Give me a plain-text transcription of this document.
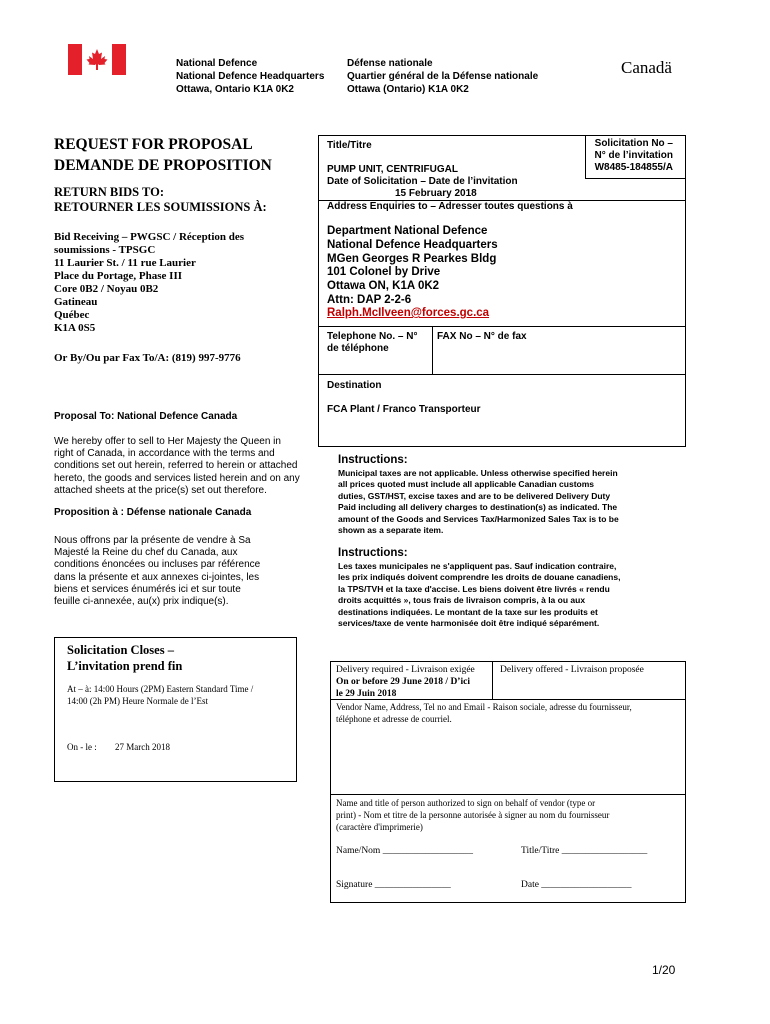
National Defence
National Defence Headquarters
Ottawa, Ontario K1A 0K2
Défense nationale
Quartier général de la Défense nationale
Ottawa (Ontario) K1A 0K2
Canadä
REQUEST FOR PROPOSAL
DEMANDE DE PROPOSITION
RETURN BIDS TO:
RETOURNER LES SOUMISSIONS À:
Bid Receiving – PWGSC / Réception des
soumissions - TPSGC
11 Laurier St. / 11 rue Laurier
Place du Portage, Phase III
Core 0B2 / Noyau 0B2
Gatineau
Québec
K1A 0S5
Or By/Ou par Fax To/A: (819) 997-9776
Proposal To: National Defence Canada
We hereby offer to sell to Her Majesty the Queen in
right of Canada, in accordance with the terms and
conditions set out herein, referred to herein or attached
hereto, the goods and services listed herein and on any
attached sheets at the price(s) set out therefore.
Proposition à : Défense nationale Canada
Nous offrons par la présente de vendre à Sa
Majesté la Reine du chef du Canada, aux
conditions énoncées ou incluses par référence
dans la présente et aux annexes ci-jointes, les
biens et services énumérés ici et sur toute
feuille ci-annexée, au(x) prix indique(s).
Solicitation Closes –
L’invitation prend fin
At – à: 14:00 Hours (2PM) Eastern Standard Time /
14:00 (2h PM) Heure Normale de l’Est
On - le : 27 March 2018
Title/Titre	Solicitation No –
N° de l’invitation
W8485-184855/A
PUMP UNIT, CENTRIFUGAL
Date of Solicitation – Date de l’invitation
15 February 2018
Address Enquiries to – Adresser toutes questions à
Department National Defence
National Defence Headquarters
MGen Georges R Pearkes Bldg
101 Colonel by Drive
Ottawa ON, K1A 0K2
Attn: DAP 2-2-6
Ralph.McIlveen@forces.gc.ca
Telephone No. – N°
de téléphone
FAX No – N° de fax
Destination
FCA Plant / Franco Transporteur
Instructions:
Municipal taxes are not applicable. Unless otherwise specified herein
all prices quoted must include all applicable Canadian customs
duties, GST/HST, excise taxes and are to be delivered Delivery Duty
Paid including all delivery charges to destination(s) as indicated. The
amount of the Goods and Services Tax/Harmonized Sales Tax is to be
shown as a separate item.
Instructions:
Les taxes municipales ne s'appliquent pas. Sauf indication contraire,
les prix indiqués doivent comprendre les droits de douane canadiens,
la TPS/TVH et la taxe d'accise. Les biens doivent être livrés « rendu
droits acquittés », tous frais de livraison compris, à la ou aux
destinations indiquées. Le montant de la taxe sur les produits et
services/taxe de vente harmonisée doit être indiqué séparément.
Delivery required - Livraison exigée
On or before 29 June 2018 / D’ici
le 29 Juin 2018
Delivery offered - Livraison proposée
Vendor Name, Address, Tel no and Email - Raison sociale, adresse du fournisseur,
téléphone et adresse de courriel.
Name and title of person authorized to sign on behalf of vendor (type or
print) - Nom et titre de la personne autorisée à signer au nom du fournisseur
(caractère d'imprimerie)
Name/Nom ___________________	Title/Titre __________________
Signature ________________	Date ___________________
1/20
